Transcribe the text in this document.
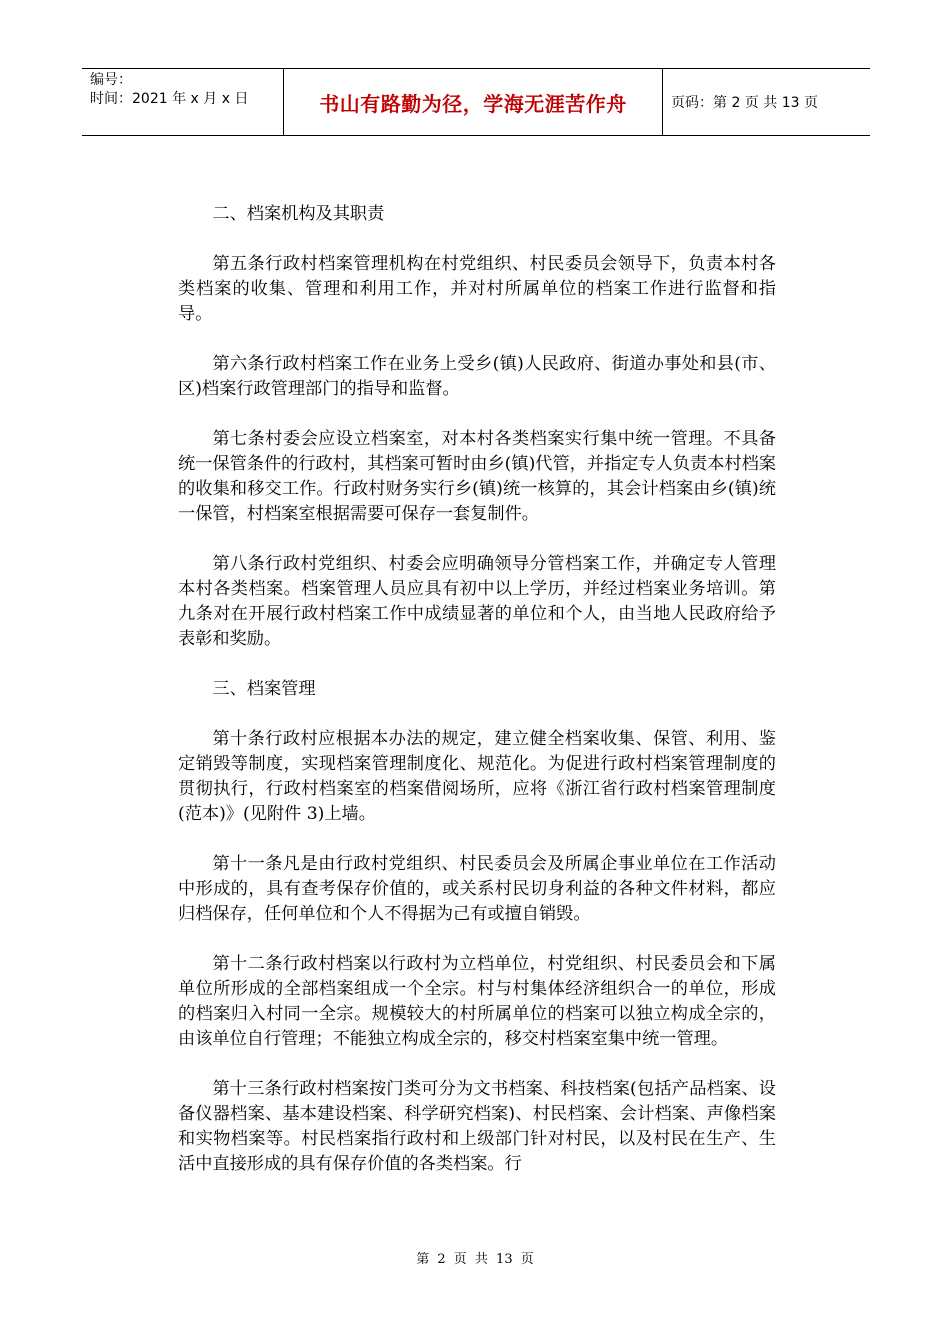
编号：
时间：2021 年 x 月 x 日	书山有路勤为径，学海无涯苦作舟	页码：第 2 页 共 13 页

二、档案机构及其职责

第五条行政村档案管理机构在村党组织、村民委员会领导下，负责本村各类档案的收集、管理和利用工作，并对村所属单位的档案工作进行监督和指导。

第六条行政村档案工作在业务上受乡(镇)人民政府、街道办事处和县(市、区)档案行政管理部门的指导和监督。

第七条村委会应设立档案室，对本村各类档案实行集中统一管理。不具备统一保管条件的行政村，其档案可暂时由乡(镇)代管，并指定专人负责本村档案的收集和移交工作。行政村财务实行乡(镇)统一核算的，其会计档案由乡(镇)统一保管，村档案室根据需要可保存一套复制件。

第八条行政村党组织、村委会应明确领导分管档案工作，并确定专人管理本村各类档案。档案管理人员应具有初中以上学历，并经过档案业务培训。第九条对在开展行政村档案工作中成绩显著的单位和个人，由当地人民政府给予表彰和奖励。

三、档案管理

第十条行政村应根据本办法的规定，建立健全档案收集、保管、利用、鉴定销毁等制度，实现档案管理制度化、规范化。为促进行政村档案管理制度的贯彻执行，行政村档案室的档案借阅场所，应将《浙江省行政村档案管理制度(范本)》(见附件 3)上墙。

第十一条凡是由行政村党组织、村民委员会及所属企事业单位在工作活动中形成的，具有查考保存价值的，或关系村民切身利益的各种文件材料，都应归档保存，任何单位和个人不得据为己有或擅自销毁。

第十二条行政村档案以行政村为立档单位，村党组织、村民委员会和下属单位所形成的全部档案组成一个全宗。村与村集体经济组织合一的单位，形成的档案归入村同一全宗。规模较大的村所属单位的档案可以独立构成全宗的，由该单位自行管理；不能独立构成全宗的，移交村档案室集中统一管理。

第十三条行政村档案按门类可分为文书档案、科技档案(包括产品档案、设备仪器档案、基本建设档案、科学研究档案)、村民档案、会计档案、声像档案和实物档案等。村民档案指行政村和上级部门针对村民，以及村民在生产、生活中直接形成的具有保存价值的各类档案。行

第 2 页 共 13 页
